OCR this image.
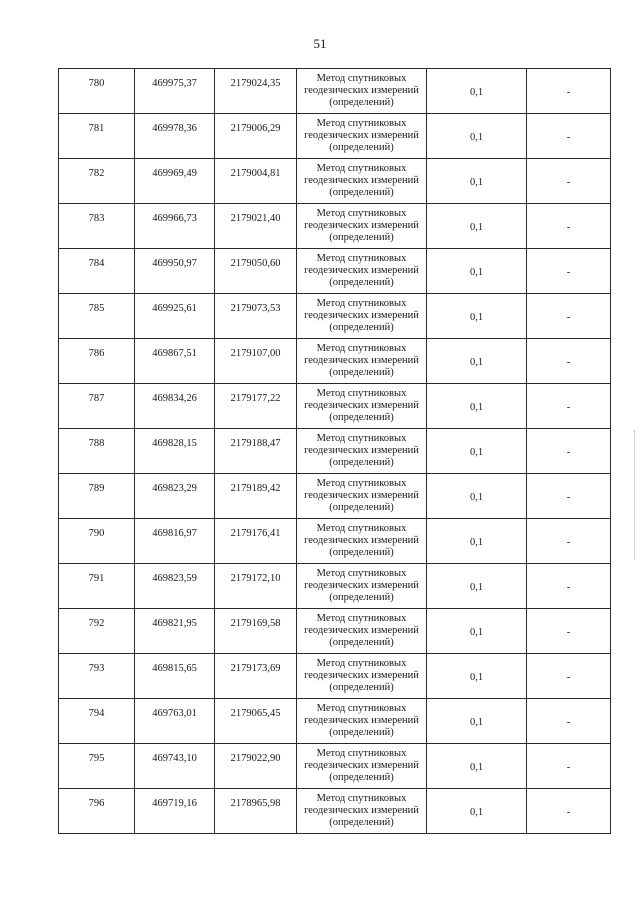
51
780	469975,37	2179024,35	Метод спутниковых геодезических измерений (определений)	0,1	-
781	469978,36	2179006,29	Метод спутниковых геодезических измерений (определений)	0,1	-
782	469969,49	2179004,81	Метод спутниковых геодезических измерений (определений)	0,1	-
783	469966,73	2179021,40	Метод спутниковых геодезических измерений (определений)	0,1	-
784	469950,97	2179050,60	Метод спутниковых геодезических измерений (определений)	0,1	-
785	469925,61	2179073,53	Метод спутниковых геодезических измерений (определений)	0,1	-
786	469867,51	2179107,00	Метод спутниковых геодезических измерений (определений)	0,1	-
787	469834,26	2179177,22	Метод спутниковых геодезических измерений (определений)	0,1	-
788	469828,15	2179188,47	Метод спутниковых геодезических измерений (определений)	0,1	-
789	469823,29	2179189,42	Метод спутниковых геодезических измерений (определений)	0,1	-
790	469816,97	2179176,41	Метод спутниковых геодезических измерений (определений)	0,1	-
791	469823,59	2179172,10	Метод спутниковых геодезических измерений (определений)	0,1	-
792	469821,95	2179169,58	Метод спутниковых геодезических измерений (определений)	0,1	-
793	469815,65	2179173,69	Метод спутниковых геодезических измерений (определений)	0,1	-
794	469763,01	2179065,45	Метод спутниковых геодезических измерений (определений)	0,1	-
795	469743,10	2179022,90	Метод спутниковых геодезических измерений (определений)	0,1	-
796	469719,16	2178965,98	Метод спутниковых геодезических измерений (определений)	0,1	-
